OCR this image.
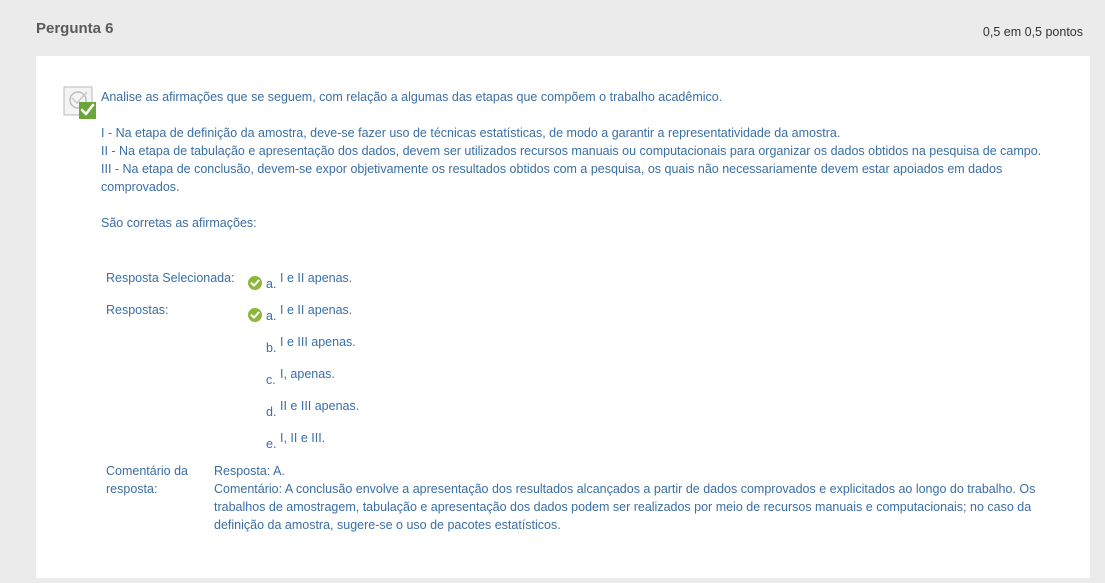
Pergunta 6	0,5 em 0,5 pontos

Analise as afirmações que se seguem, com relação a algumas das etapas que compõem o trabalho acadêmico.

I - Na etapa de definição da amostra, deve-se fazer uso de técnicas estatísticas, de modo a garantir a representatividade da amostra.

II - Na etapa de tabulação e apresentação dos dados, devem ser utilizados recursos manuais ou computacionais para organizar os dados obtidos na pesquisa de campo.

III - Na etapa de conclusão, devem-se expor objetivamente os resultados obtidos com a pesquisa, os quais não necessariamente devem estar apoiados em dados comprovados.

São corretas as afirmações:

Resposta Selecionada:	a. I e II apenas.
Respostas:	a. I e II apenas.
b. I e III apenas.
c. I, apenas.
d. II e III apenas.
e. I, II e III.
Comentário da resposta:

Resposta: A.

Comentário: A conclusão envolve a apresentação dos resultados alcançados a partir de dados comprovados e explicitados ao longo do trabalho. Os trabalhos de amostragem, tabulação e apresentação dos dados podem ser realizados por meio de recursos manuais e computacionais; no caso da definição da amostra, sugere-se o uso de pacotes estatísticos.
